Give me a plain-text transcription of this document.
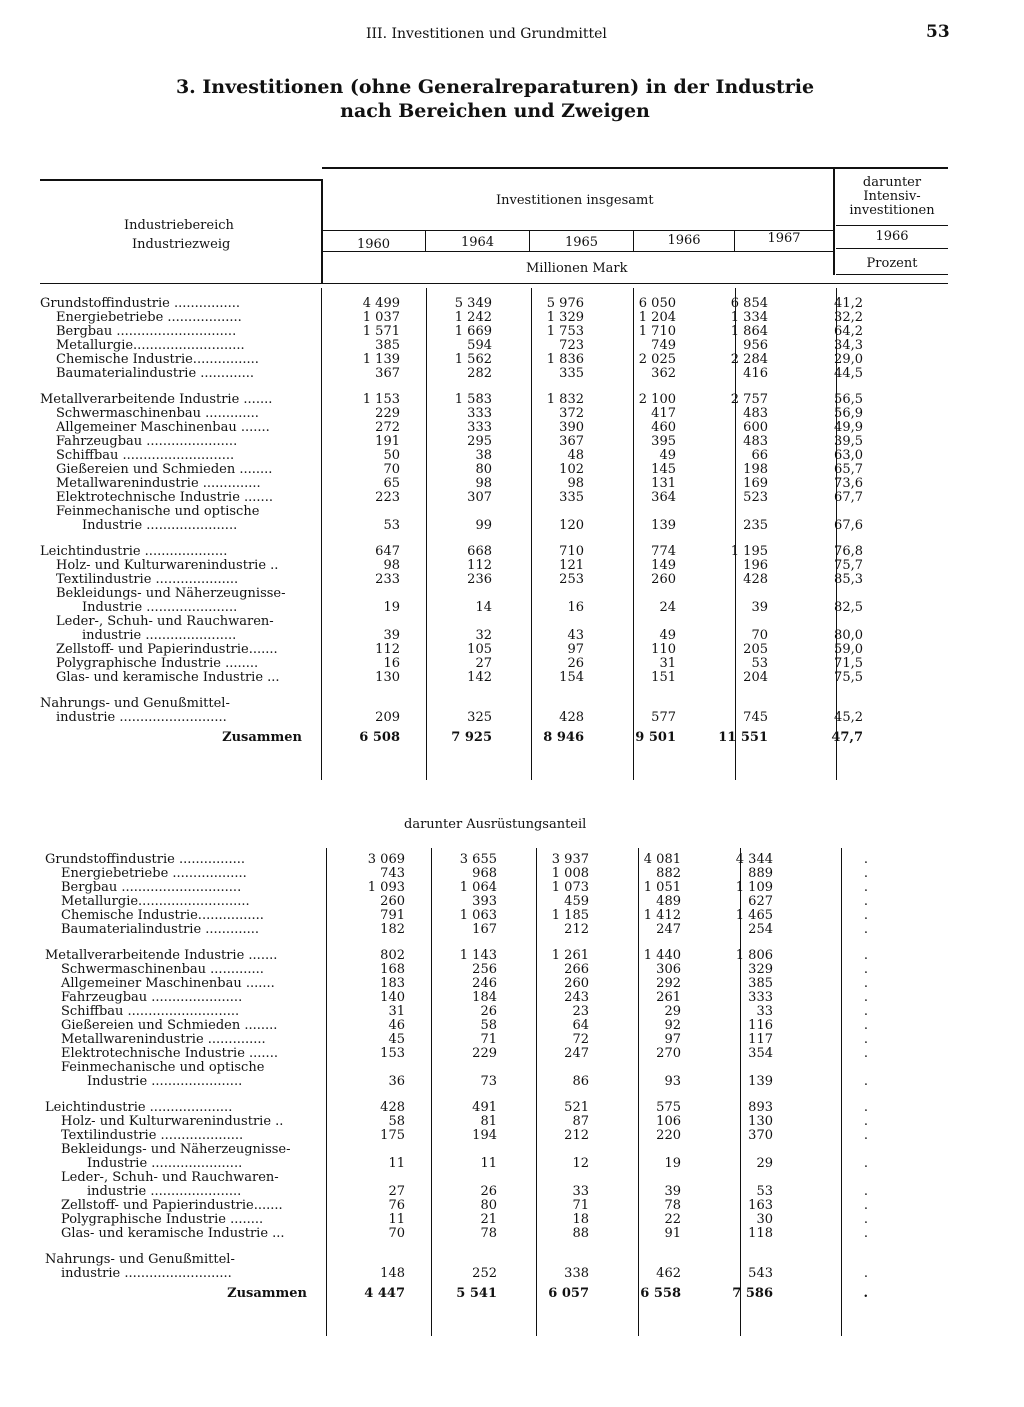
III. Investitionen und Grundmittel	53
3. Investitionen (ohne Generalreparaturen) in der Industrie
nach Bereichen und Zweigen
Industriebereich
Industriezweig
Investitionen insgesamt
darunter
Intensiv-
investitionen
1960	1964	1965	1966	1967	1966
Millionen Mark	Prozent
Grundstoffindustrie ................	4 499	5 349	5 976	6 050	6 854	41,2
Energiebetriebe ..................	1 037	1 242	1 329	1 204	1 334	32,2
Bergbau .............................	1 571	1 669	1 753	1 710	1 864	64,2
Metallurgie...........................	385	594	723	749	956	34,3
Chemische Industrie................	1 139	1 562	1 836	2 025	2 284	29,0
Baumaterialindustrie .............	367	282	335	362	416	44,5

Metallverarbeitende Industrie .......	1 153	1 583	1 832	2 100	2 757	56,5
Schwermaschinenbau .............	229	333	372	417	483	56,9
Allgemeiner Maschinenbau .......	272	333	390	460	600	49,9
Fahrzeugbau ......................	191	295	367	395	483	39,5
Schiffbau ...........................	50	38	48	49	66	63,0
Gießereien und Schmieden ........	70	80	102	145	198	65,7
Metallwarenindustrie ..............	65	98	98	131	169	73,6
Elektrotechnische Industrie .......	223	307	335	364	523	67,7
Feinmechanische und optische						
Industrie ......................	53	99	120	139	235	67,6

Leichtindustrie ....................	647	668	710	774	1 195	76,8
Holz- und Kulturwarenindustrie ..	98	112	121	149	196	75,7
Textilindustrie ....................	233	236	253	260	428	85,3
Bekleidungs- und Näherzeugnisse-						
Industrie ......................	19	14	16	24	39	82,5
Leder-, Schuh- und Rauchwaren-						
industrie ......................	39	32	43	49	70	80,0
Zellstoff- und Papierindustrie.......	112	105	97	110	205	59,0
Polygraphische Industrie ........	16	27	26	31	53	71,5
Glas- und keramische Industrie ...	130	142	154	151	204	75,5

Nahrungs- und Genußmittel-						
industrie ..........................	209	325	428	577	745	45,2

Zusammen	6 508	7 925	8 946	9 501	11 551	47,7
darunter Ausrüstungsanteil
Grundstoffindustrie ................	3 069	3 655	3 937	4 081	4 344	.
Energiebetriebe ..................	743	968	1 008	882	889	.
Bergbau .............................	1 093	1 064	1 073	1 051	1 109	.
Metallurgie...........................	260	393	459	489	627	.
Chemische Industrie................	791	1 063	1 185	1 412	1 465	.
Baumaterialindustrie .............	182	167	212	247	254	.

Metallverarbeitende Industrie .......	802	1 143	1 261	1 440	1 806	.
Schwermaschinenbau .............	168	256	266	306	329	.
Allgemeiner Maschinenbau .......	183	246	260	292	385	.
Fahrzeugbau ......................	140	184	243	261	333	.
Schiffbau ...........................	31	26	23	29	33	.
Gießereien und Schmieden ........	46	58	64	92	116	.
Metallwarenindustrie ..............	45	71	72	97	117	.
Elektrotechnische Industrie .......	153	229	247	270	354	.
Feinmechanische und optische						
Industrie ......................	36	73	86	93	139	.

Leichtindustrie ....................	428	491	521	575	893	.
Holz- und Kulturwarenindustrie ..	58	81	87	106	130	.
Textilindustrie ....................	175	194	212	220	370	.
Bekleidungs- und Näherzeugnisse-						
Industrie ......................	11	11	12	19	29	.
Leder-, Schuh- und Rauchwaren-						
industrie ......................	27	26	33	39	53	.
Zellstoff- und Papierindustrie.......	76	80	71	78	163	.
Polygraphische Industrie ........	11	21	18	22	30	.
Glas- und keramische Industrie ...	70	78	88	91	118	.

Nahrungs- und Genußmittel-						
industrie ..........................	148	252	338	462	543	.

Zusammen	4 447	5 541	6 057	6 558	7 586	.
